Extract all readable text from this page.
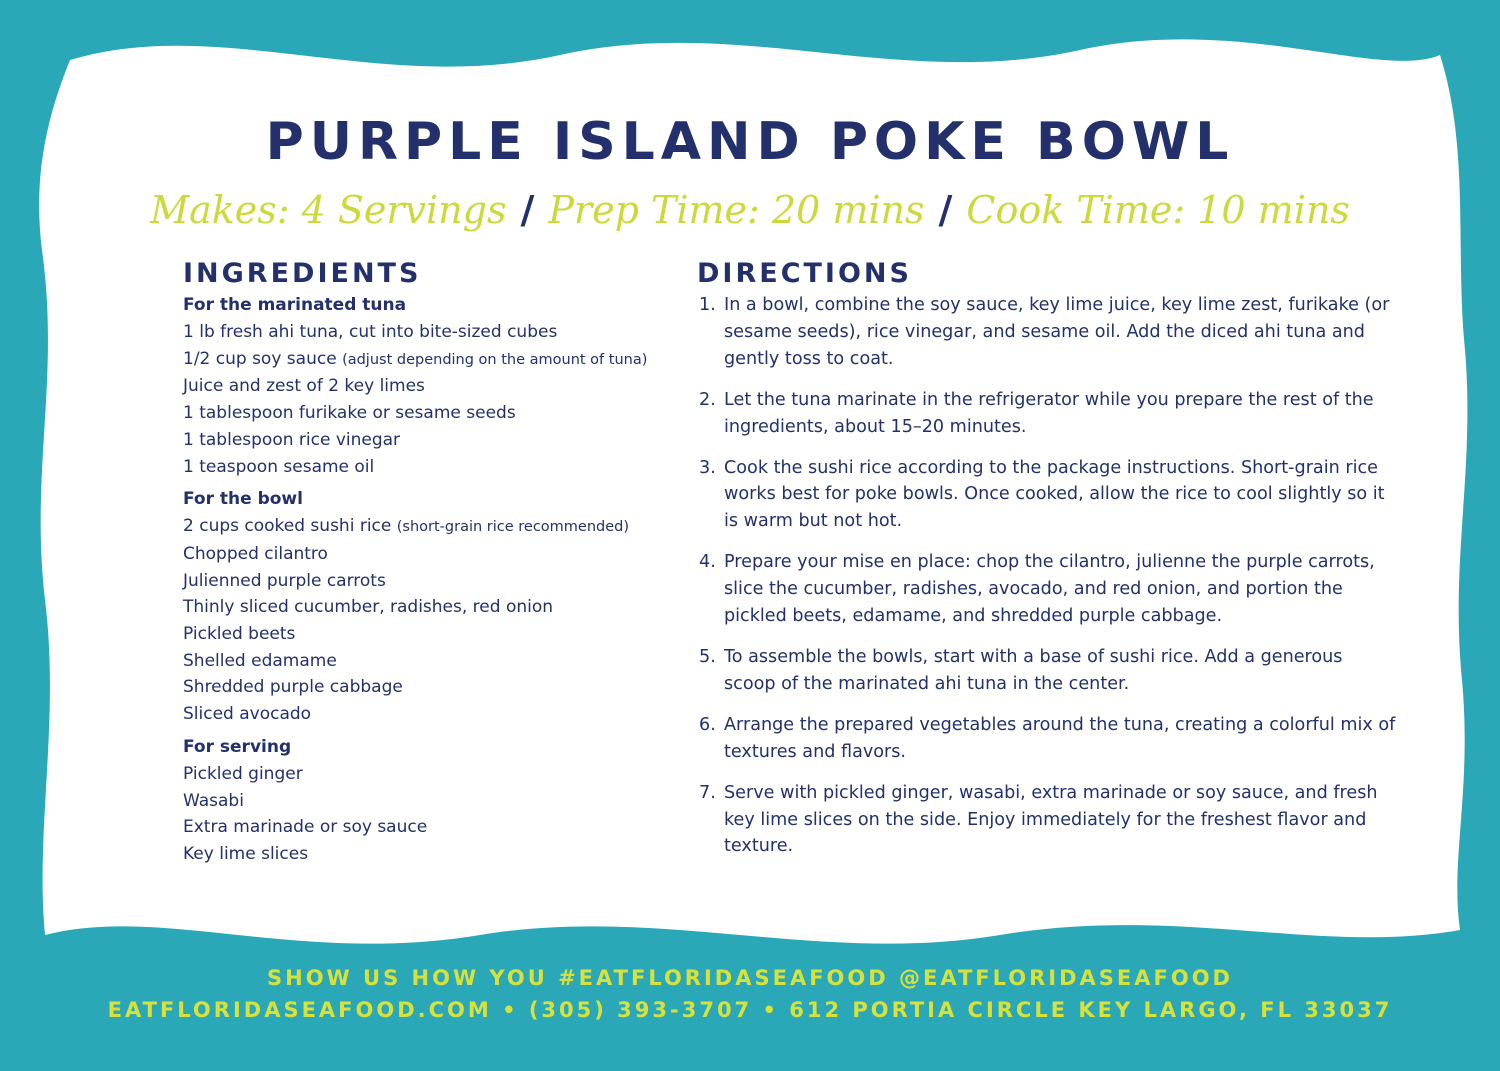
PURPLE ISLAND POKE BOWL
Makes: 4 Servings / Prep Time: 20 mins / Cook Time: 10 mins
INGREDIENTS	DIRECTIONS
For the marinated tuna
1 lb fresh ahi tuna, cut into bite-sized cubes
1/2 cup soy sauce (adjust depending on the amount of tuna)
Juice and zest of 2 key limes
1 tablespoon furikake or sesame seeds
1 tablespoon rice vinegar
1 teaspoon sesame oil
For the bowl
2 cups cooked sushi rice (short-grain rice recommended)
Chopped cilantro
Julienned purple carrots
Thinly sliced cucumber, radishes, red onion
Pickled beets
Shelled edamame
Shredded purple cabbage
Sliced avocado
For serving
Pickled ginger
Wasabi
Extra marinade or soy sauce
Key lime slices
1. In a bowl, combine the soy sauce, key lime juice, key lime zest, furikake (or sesame seeds), rice vinegar, and sesame oil. Add the diced ahi tuna and gently toss to coat.
2. Let the tuna marinate in the refrigerator while you prepare the rest of the ingredients, about 15–20 minutes.
3. Cook the sushi rice according to the package instructions. Short-grain rice works best for poke bowls. Once cooked, allow the rice to cool slightly so it is warm but not hot.
4. Prepare your mise en place: chop the cilantro, julienne the purple carrots, slice the cucumber, radishes, avocado, and red onion, and portion the pickled beets, edamame, and shredded purple cabbage.
5. To assemble the bowls, start with a base of sushi rice. Add a generous scoop of the marinated ahi tuna in the center.
6. Arrange the prepared vegetables around the tuna, creating a colorful mix of textures and flavors.
7. Serve with pickled ginger, wasabi, extra marinade or soy sauce, and fresh key lime slices on the side. Enjoy immediately for the freshest flavor and texture.
SHOW US HOW YOU #EATFLORIDASEAFOOD @EATFLORIDASEAFOOD
EATFLORIDASEAFOOD.COM • (305) 393-3707 • 612 PORTIA CIRCLE KEY LARGO, FL 33037
